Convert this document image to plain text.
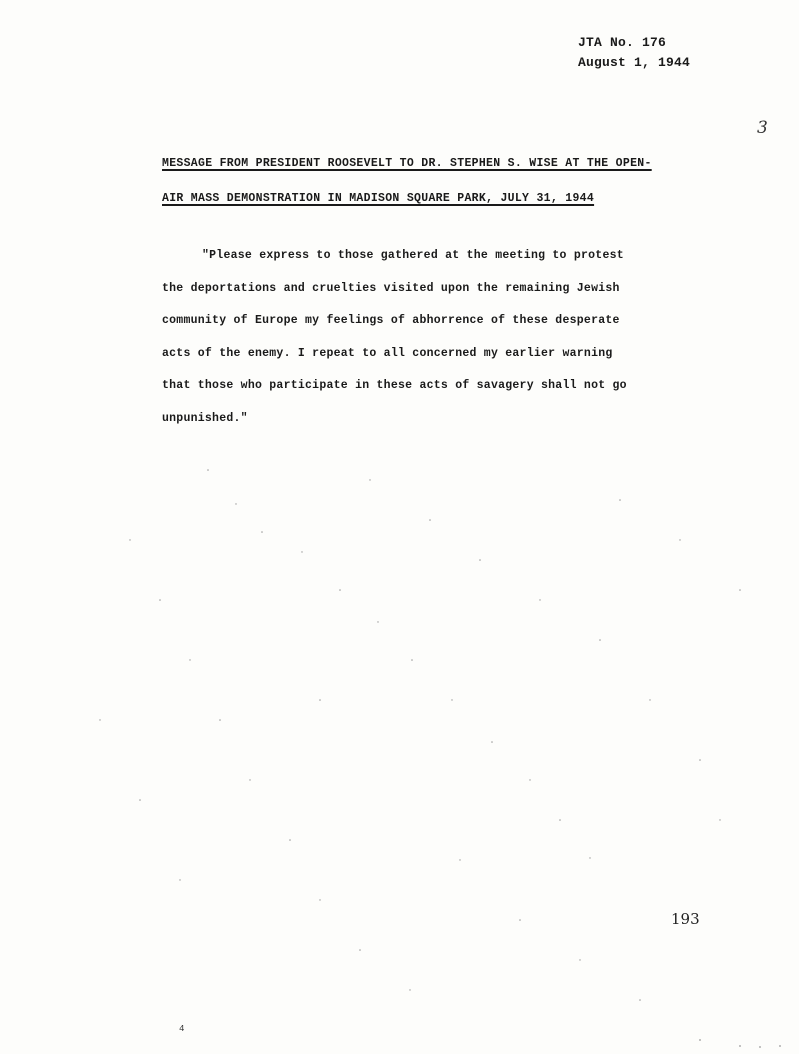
JTA No. 176
August 1, 1944
3
MESSAGE FROM PRESIDENT ROOSEVELT TO DR. STEPHEN S. WISE AT THE OPEN-
AIR MASS DEMONSTRATION IN MADISON SQUARE PARK, JULY 31, 1944
"Please express to those gathered at the meeting to protest
the deportations and cruelties visited upon the remaining Jewish
community of Europe my feelings of abhorrence of these desperate
acts of the enemy. I repeat to all concerned my earlier warning
that those who participate in these acts of savagery shall not go
unpunished."
193
4
